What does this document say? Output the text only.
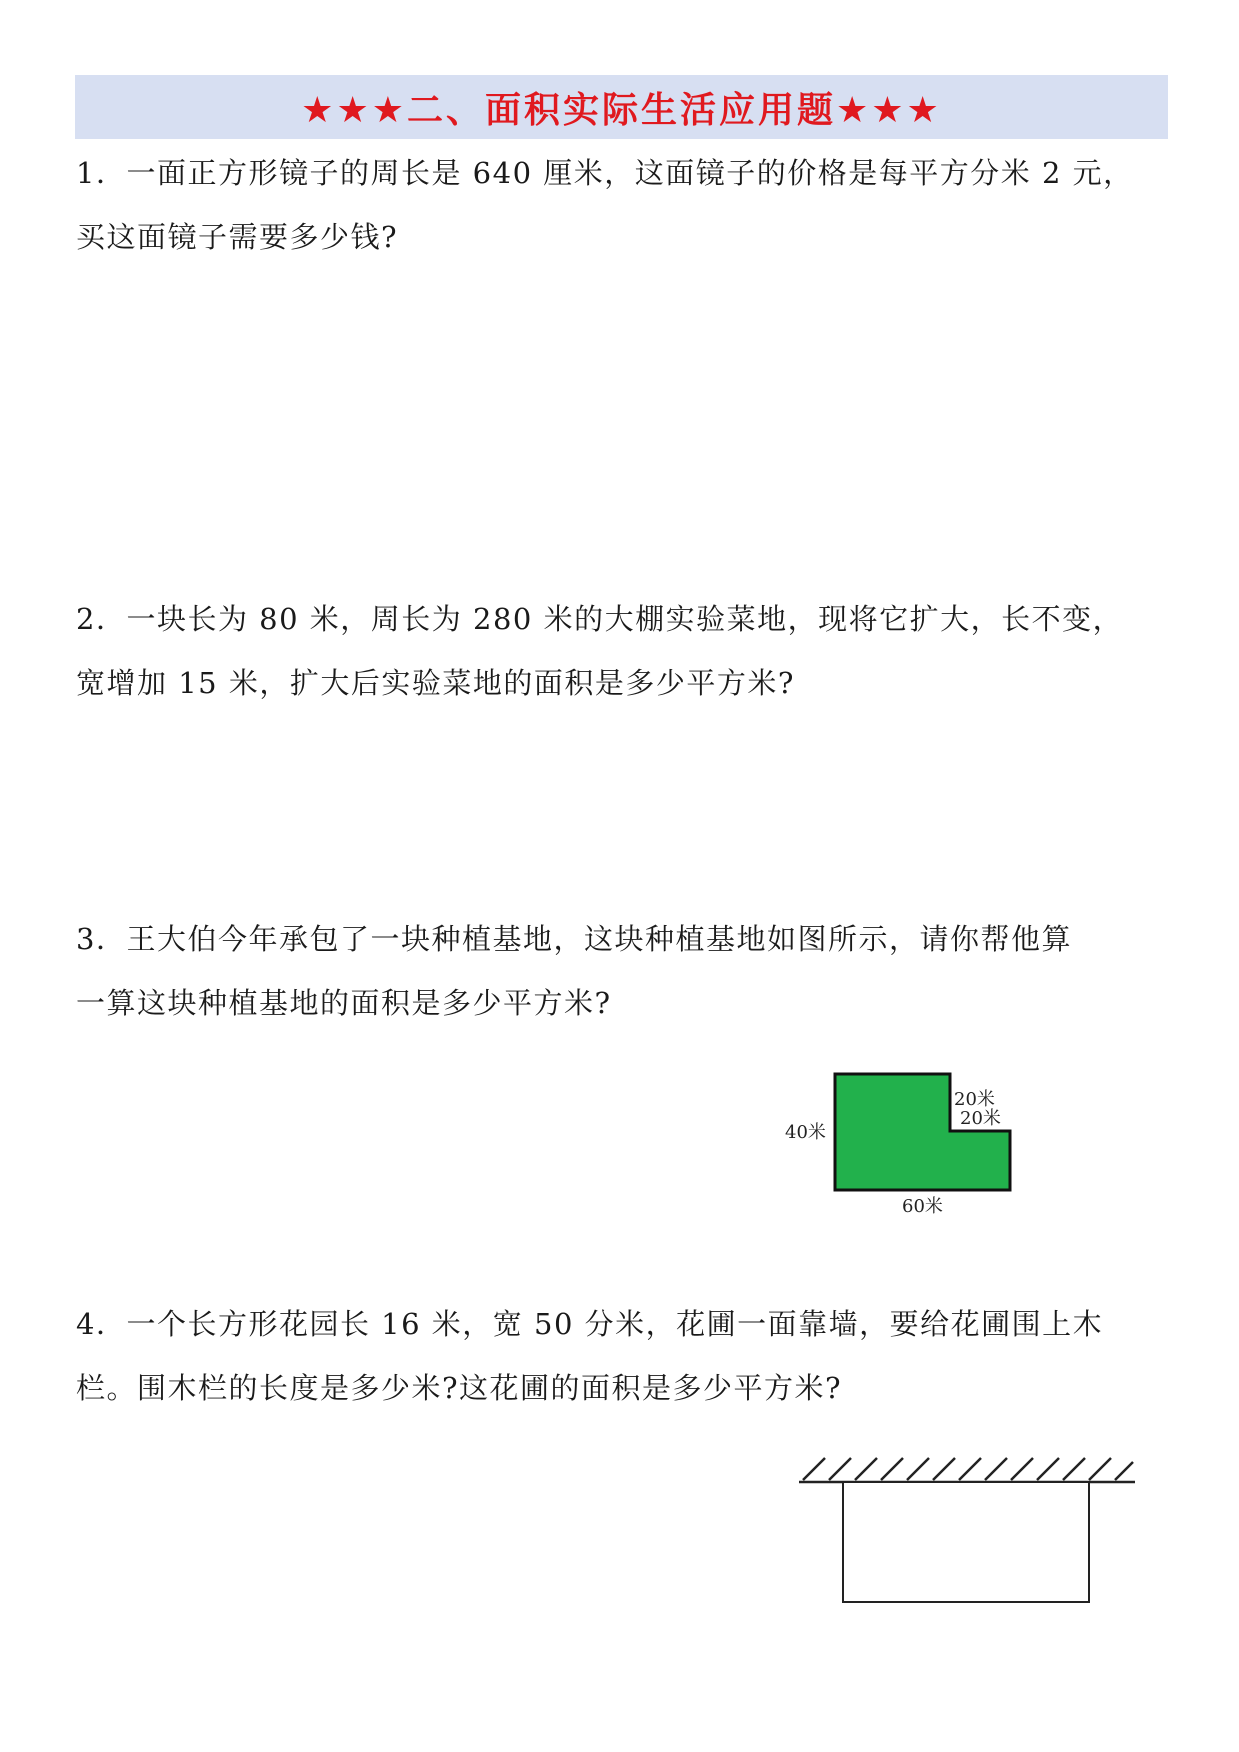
★★★二、面积实际生活应用题★★★
1．一面正方形镜子的周长是 640 厘米，这面镜子的价格是每平方分米 2 元，
买这面镜子需要多少钱?
2．一块长为 80 米，周长为 280 米的大棚实验菜地，现将它扩大，长不变，
宽增加 15 米，扩大后实验菜地的面积是多少平方米?
3．王大伯今年承包了一块种植基地，这块种植基地如图所示，请你帮他算
一算这块种植基地的面积是多少平方米?
40米
20米
20米
60米
4．一个长方形花园长 16 米，宽 50 分米，花圃一面靠墙，要给花圃围上木
栏。围木栏的长度是多少米?这花圃的面积是多少平方米?
